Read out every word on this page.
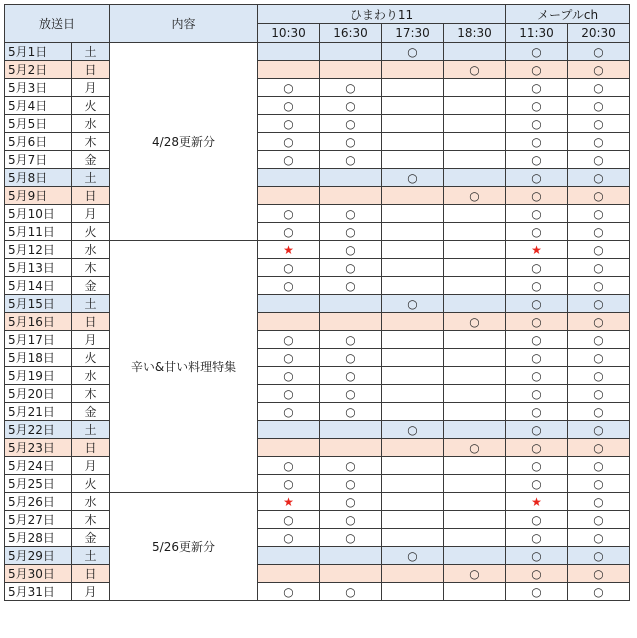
放送日		内容	ひまわり11				メープルch	
			10:30	16:30	17:30	18:30	11:30	20:30
5月1日	土	4/28更新分			○		○	○
5月2日	日					○	○	○
5月3日	月		○	○			○	○
5月4日	火		○	○			○	○
5月5日	水		○	○			○	○
5月6日	木		○	○			○	○
5月7日	金		○	○			○	○
5月8日	土				○		○	○
5月9日	日					○	○	○
5月10日	月		○	○			○	○
5月11日	火		○	○			○	○
5月12日	水	辛い&甘い料理特集	★	○			★	○
5月13日	木		○	○			○	○
5月14日	金		○	○			○	○
5月15日	土				○		○	○
5月16日	日					○	○	○
5月17日	月		○	○			○	○
5月18日	火		○	○			○	○
5月19日	水		○	○			○	○
5月20日	木		○	○			○	○
5月21日	金		○	○			○	○
5月22日	土				○		○	○
5月23日	日					○	○	○
5月24日	月		○	○			○	○
5月25日	火		○	○			○	○
5月26日	水	5/26更新分	★	○			★	○
5月27日	木		○	○			○	○
5月28日	金		○	○			○	○
5月29日	土				○		○	○
5月30日	日					○	○	○
5月31日	月		○	○			○	○
